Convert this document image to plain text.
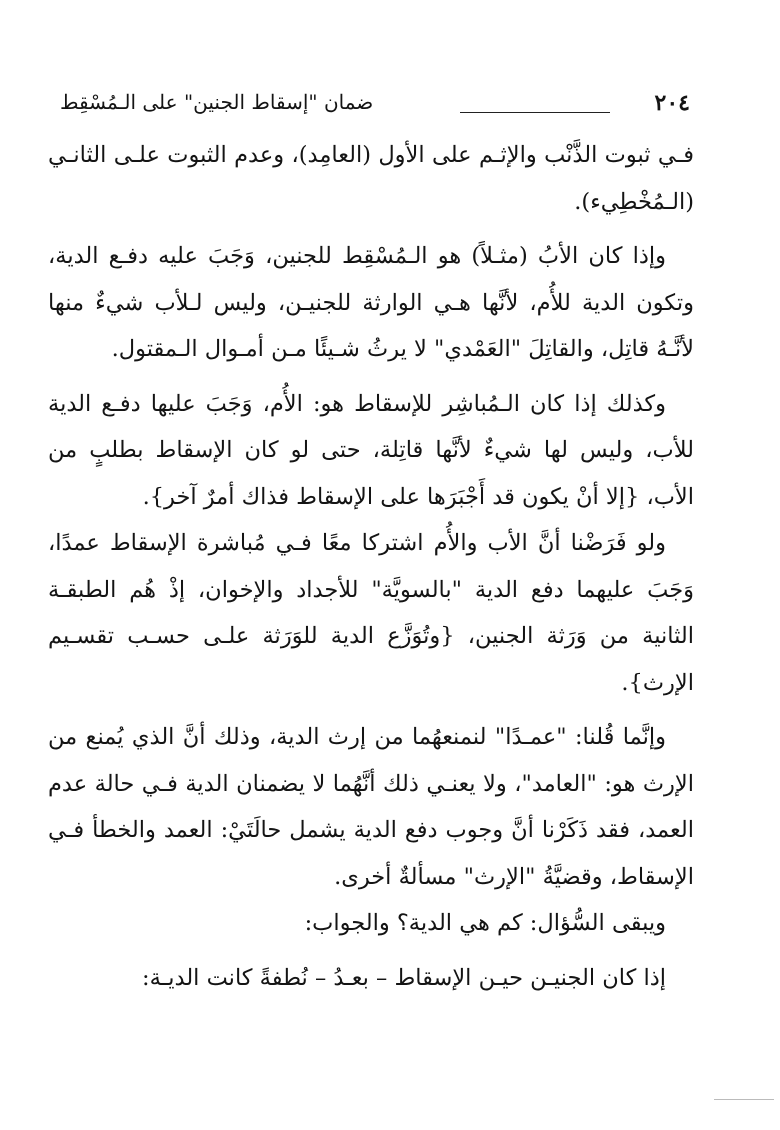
٢٠٤
ضمان "إسقاط الجنين" على الـمُسْقِط

فـي ثبوت الذَّنْب والإثـم على الأول (العامِد)، وعدم الثبوت علـى الثانـي (الـمُخْطِيء).

وإذا كان الأبُ (مثـلاً) هو الـمُسْقِط للجنين، وَجَبَ عليه دفـع الدية، وتكون الدية للأُم، لأنَّها هـي الوارثة للجنيـن، وليس لـلأب شيءٌ منها لأنَّـهُ قاتِل، والقاتِلَ "العَمْدي" لا يرثُ شـيئًا مـن أمـوال الـمقتول.

وكذلك إذا كان الـمُباشِر للإسقاط هو: الأُم، وَجَبَ عليها دفـع الدية للأب، وليس لها شيءٌ لأنَّها قاتِلة، حتى لو كان الإسقاط بطلبٍ من الأب، {إلا أنْ يكون قد أَجْبَرَها على الإسقاط فذاك أمرٌ آخر}.

ولو فَرَضْنا أنَّ الأب والأُم اشتركا معًا فـي مُباشرة الإسقاط عمدًا، وَجَبَ عليهما دفع الدية "بالسويَّة" للأجداد والإخوان، إذْ هُم الطبقـة الثانية من وَرَثة الجنين، {وتُوَزَّع الدية للوَرَثة علـى حسـب تقسـيم الإرث}.

وإنَّما قُلنا: "عمـدًا" لنمنعهُما من إرث الدية، وذلك أنَّ الذي يُمنع من الإرث هو: "العامد"، ولا يعنـي ذلك أنَّهُما لا يضمنان الدية فـي حالة عدم العمد، فقد ذَكَرْنا أنَّ وجوب دفع الدية يشمل حالَتَيْ: العمد والخطأ فـي الإسقاط، وقضيَّةُ "الإرث" مسألةٌ أخرى.

ويبقى السُّؤال: كم هي الدية؟ والجواب:

إذا كان الجنيـن حيـن الإسقاط – بعـدُ – نُطفةً كانت الديـة:
